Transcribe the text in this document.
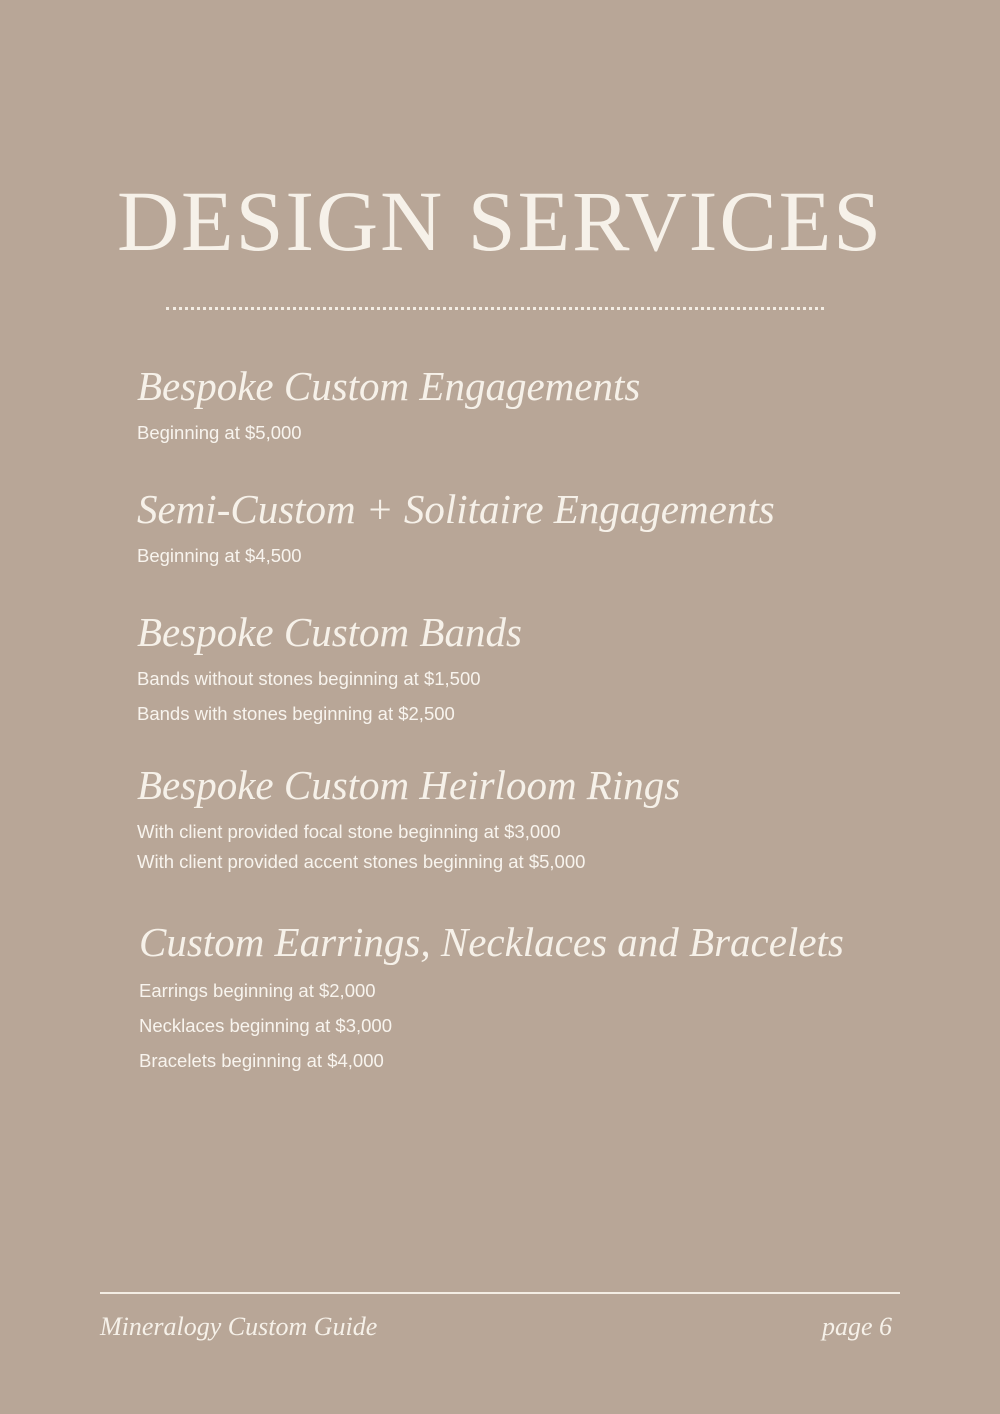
DESIGN SERVICES
Bespoke Custom Engagements
Beginning at $5,000
Semi-Custom + Solitaire Engagements
Beginning at $4,500
Bespoke Custom Bands
Bands without stones beginning at $1,500
Bands with stones beginning at $2,500
Bespoke Custom Heirloom Rings
With client provided focal stone beginning at $3,000
With client provided accent stones beginning at $5,000
Custom Earrings, Necklaces and Bracelets
Earrings beginning at $2,000
Necklaces beginning at $3,000
Bracelets beginning at $4,000
Mineralogy Custom Guide	page 6
